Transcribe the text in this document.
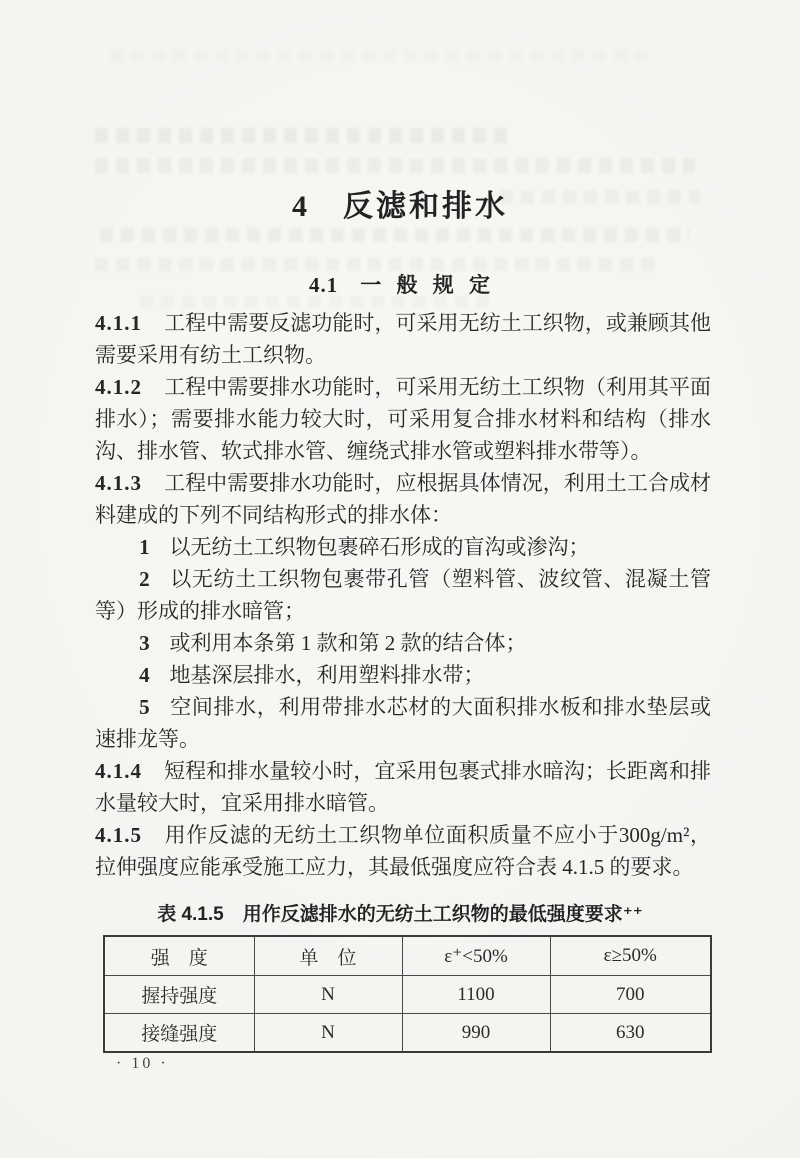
4　反滤和排水
4.1　一 般 规 定

4.1.1 工程中需要反滤功能时，可采用无纺土工织物，或兼顾其他需要采用有纺土工织物。

4.1.2 工程中需要排水功能时，可采用无纺土工织物（利用其平面排水）；需要排水能力较大时，可采用复合排水材料和结构（排水沟、排水管、软式排水管、缠绕式排水管或塑料排水带等）。

4.1.3 工程中需要排水功能时，应根据具体情况，利用土工合成材料建成的下列不同结构形式的排水体：

1 以无纺土工织物包裹碎石形成的盲沟或渗沟；

2 以无纺土工织物包裹带孔管（塑料管、波纹管、混凝土管等）形成的排水暗管；

3 或利用本条第 1 款和第 2 款的结合体；

4 地基深层排水，利用塑料排水带；

5 空间排水，利用带排水芯材的大面积排水板和排水垫层或速排龙等。

4.1.4 短程和排水量较小时，宜采用包裹式排水暗沟；长距离和排水量较大时，宜采用排水暗管。

4.1.5 用作反滤的无纺土工织物单位面积质量不应小于300g/m²，拉伸强度应能承受施工应力，其最低强度应符合表 4.1.5 的要求。

表 4.1.5　用作反滤排水的无纺土工织物的最低强度要求⁺⁺
强　度	单　位	ε⁺<50%	ε≥50%
握持强度	N	1100	700
接缝强度	N	990	630
· 10 ·
